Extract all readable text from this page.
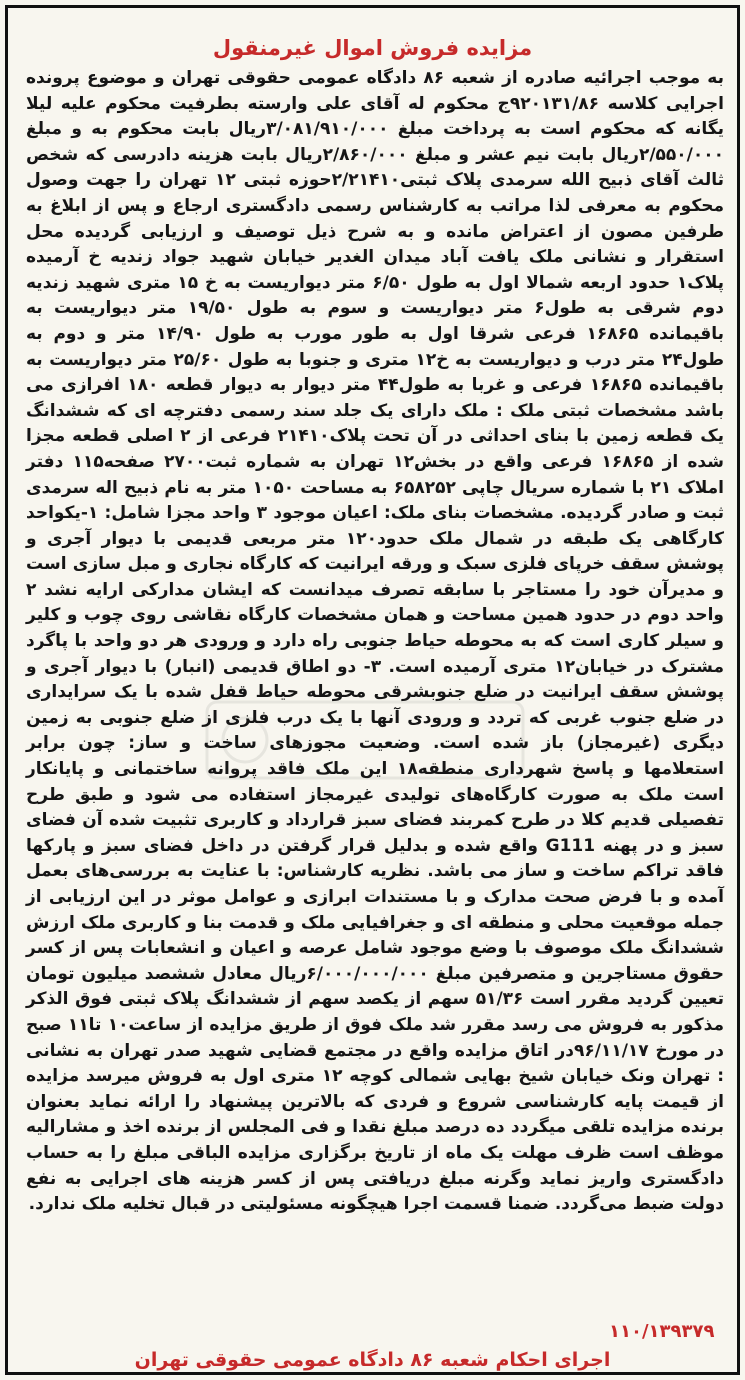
مزایده فروش اموال غیرمنقول

به موجب اجرائیه صادره از شعبه ۸۶ دادگاه عمومی حقوقی تهران و موضوع پرونده اجرایی کلاسه ۹۲۰۱۳۱/۸۶ج محکوم له آقای علی وارسته بطرفیت محکوم علیه لیلا یگانه که محکوم است به پرداخت مبلغ ۳/۰۸۱/۹۱۰/۰۰۰ریال بابت محکوم به و مبلغ ۲/۵۵۰/۰۰۰ریال بابت نیم عشر و مبلغ ۲/۸۶۰/۰۰۰ریال بابت هزینه دادرسی که شخص ثالث آقای ذبیح الله سرمدی پلاک ثبتی۲/۲۱۴۱۰حوزه ثبتی ۱۲ تهران را جهت وصول محکوم به معرفی لذا مراتب به کارشناس رسمی دادگستری ارجاع و پس از ابلاغ به طرفین مصون از اعتراض مانده و به شرح ذیل توصیف و ارزیابی گردیده محل استقرار و نشانی ملک یافت آباد میدان الغدیر خیابان شهید جواد زندیه خ آرمیده پلاک۱ حدود اربعه شمالا اول به طول ۶/۵۰ متر دیواریست به خ ۱۵ متری شهید زندیه دوم شرقی به طول۶ متر دیواریست و سوم به طول ۱۹/۵۰ متر دیواریست به باقیمانده ۱۶۸۶۵ فرعی شرقا اول به طور مورب به طول ۱۴/۹۰ متر و دوم به طول۲۴ متر درب و دیواریست به خ۱۲ متری و جنوبا به طول ۲۵/۶۰ متر دیواریست به باقیمانده ۱۶۸۶۵ فرعی و غربا به طول۴۴ متر دیوار به دیوار قطعه ۱۸۰ افرازی می باشد مشخصات ثبتی ملک : ملک دارای یک جلد سند رسمی دفترچه ای که ششدانگ یک قطعه زمین با بنای احداثی در آن تحت پلاک۲۱۴۱۰ فرعی از ۲ اصلی قطعه مجزا شده از ۱۶۸۶۵ فرعی واقع در بخش۱۲ تهران به شماره ثبت۲۷۰۰ صفحه۱۱۵ دفتر املاک ۲۱ با شماره سریال چاپی ۶۵۸۲۵۲ به مساحت ۱۰۵۰ متر به نام ذبیح اله سرمدی ثبت و صادر گردیده. مشخصات بنای ملک: اعیان موجود ۳ واحد مجزا شامل: ۱-یکواحد کارگاهی یک طبقه در شمال ملک حدود۱۲۰ متر مربعی قدیمی با دیوار آجری و پوشش سقف خرپای فلزی سبک و ورقه ایرانیت که کارگاه نجاری و مبل سازی است و مدیرآن خود را مستاجر با سابقه تصرف میدانست که ایشان مدارکی ارایه نشد ۲ واحد دوم در حدود همین مساحت و همان مشخصات کارگاه نقاشی روی چوب و کلیر و سیلر کاری است که به محوطه حیاط جنوبی راه دارد و ورودی هر دو واحد با پاگرد مشترک در خیابان۱۲ متری آرمیده است. ۳- دو اطاق قدیمی (انبار) با دیوار آجری و پوشش سقف ایرانیت در ضلع جنوبشرقی محوطه حیاط قفل شده با یک سرایداری در ضلع جنوب غربی که تردد و ورودی آنها با یک درب فلزی از ضلع جنوبی به زمین دیگری (غیرمجاز) باز شده است. وضعیت مجوزهای ساخت و ساز: چون برابر استعلامها و پاسخ شهرداری منطقه۱۸ این ملک فاقد پروانه ساختمانی و پایانکار است ملک به صورت کارگاه‌های تولیدی غیرمجاز استفاده می شود و طبق طرح تفصیلی قدیم کلا در طرح کمربند فضای سبز قرارداد و کاربری تثبیت شده آن فضای سبز و در پهنه G111 واقع شده و بدلیل قرار گرفتن در داخل فضای سبز و پارکها فاقد تراکم ساخت و ساز می باشد. نظریه کارشناس: با عنایت به بررسی‌های بعمل آمده و با فرض صحت مدارک و با مستندات ابرازی و عوامل موثر در این ارزیابی از جمله موقعیت محلی و منطقه ای و جغرافیایی ملک و قدمت بنا و کاربری ملک ارزش ششدانگ ملک موصوف با وضع موجود شامل عرصه و اعیان و انشعابات پس از کسر حقوق مستاجرین و متصرفین مبلغ ۶/۰۰۰/۰۰۰/۰۰۰ریال معادل ششصد میلیون تومان تعیین گردید مقرر است ۵۱/۳۶ سهم از یکصد سهم از ششدانگ پلاک ثبتی فوق الذکر مذکور به فروش می رسد مقرر شد ملک فوق از طریق مزایده از ساعت۱۰ تا۱۱ صبح در مورخ ۹۶/۱۱/۱۷در اتاق مزایده واقع در مجتمع قضایی شهید صدر تهران به نشانی : تهران ونک خیابان شیخ بهایی شمالی کوچه ۱۲ متری اول به فروش میرسد مزایده از قیمت پایه کارشناسی شروع و فردی که بالاترین پیشنهاد را ارائه نماید بعنوان برنده مزایده تلقی میگردد ده درصد مبلغ نقدا و فی المجلس از برنده اخذ و مشارالیه موظف است ظرف مهلت یک ماه از تاریخ برگزاری مزایده الباقی مبلغ را به حساب دادگستری واریز نماید وگرنه مبلغ دریافتی پس از کسر هزینه های اجرایی به نفع دولت ضبط می‌گردد. ضمنا قسمت اجرا هیچگونه مسئولیتی در قبال تخلیه ملک ندارد.

۱۱۰/۱۳۹۳۷۹
اجرای احکام شعبه ۸۶ دادگاه عمومی حقوقی تهران
